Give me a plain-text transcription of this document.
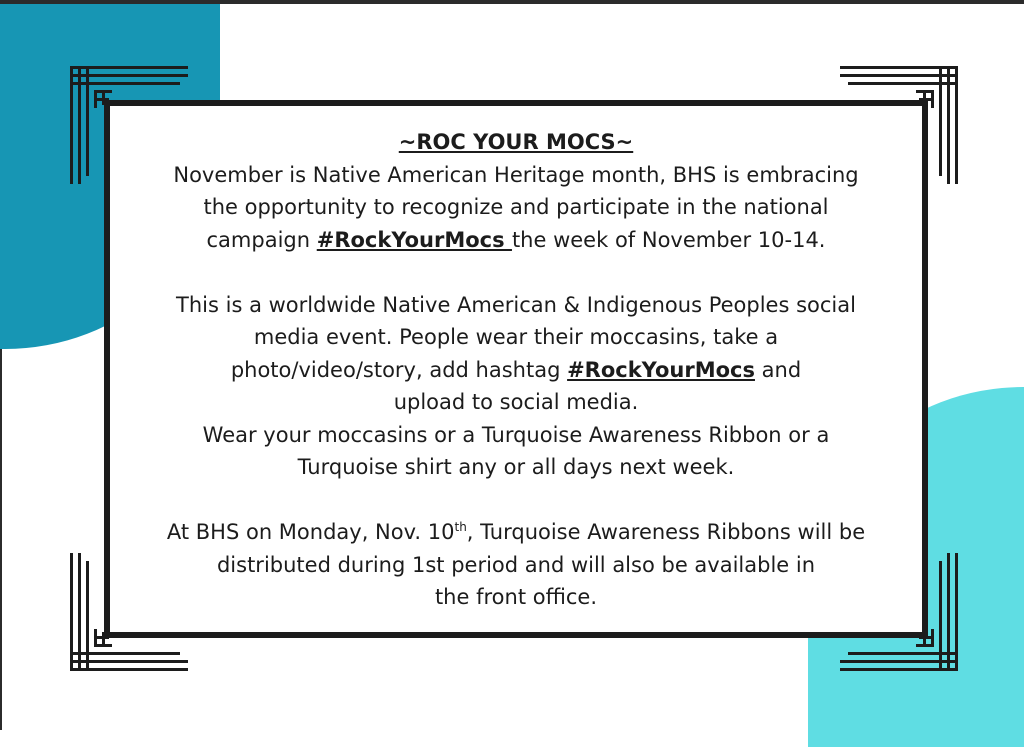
~ROC YOUR MOCS~

November is Native American Heritage month, BHS is embracing

the opportunity to recognize and participate in the national

campaign #RockYourMocs the week of November 10-14.

This is a worldwide Native American & Indigenous Peoples social

media event. People wear their moccasins, take a

photo/video/story, add hashtag #RockYourMocs and

upload to social media.

Wear your moccasins or a Turquoise Awareness Ribbon or a

Turquoise shirt any or all days next week.

At BHS on Monday, Nov. 10th, Turquoise Awareness Ribbons will be

distributed during 1st period and will also be available in

the front office.
